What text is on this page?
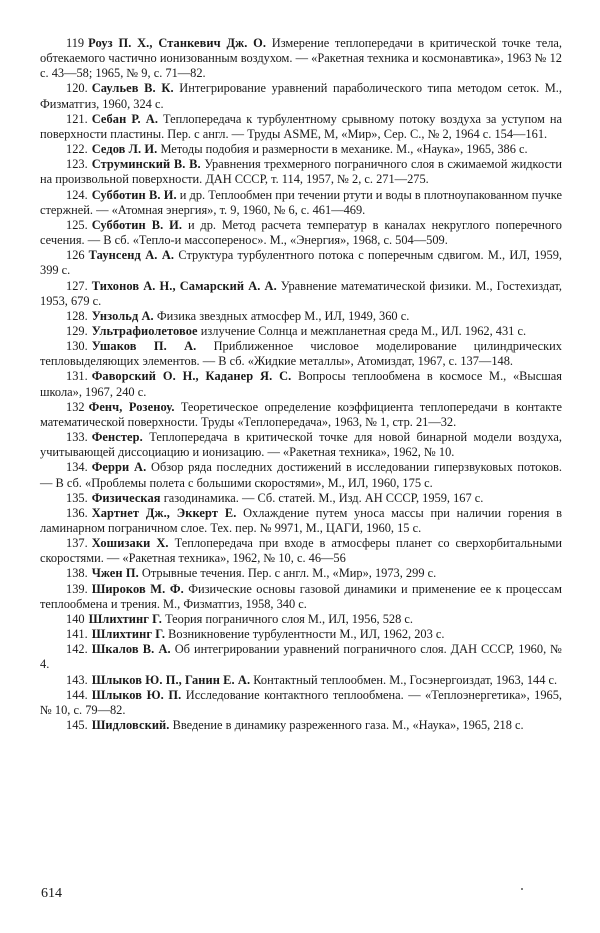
119 Роуз П. Х., Станкевич Дж. О. Измерение теплопередачи в критической точке тела, обтекаемого частично ионизованным воздухом. — «Ракетная техника и космонавтика», 1963 № 12 с. 43—58; 1965, № 9, с. 71—82.

120. Саульев В. К. Интегрирование уравнений параболического типа методом сеток. М., Физматгиз, 1960, 324 с.

121. Себан Р. А. Теплопередача к турбулентному срывному потоку воздуха за уступом на поверхности пластины. Пер. с англ. — Труды ASME, М, «Мир», Сер. С., № 2, 1964 с. 154—161.

122. Седов Л. И. Методы подобия и размерности в механике. М., «Наука», 1965, 386 с.

123. Струминский В. В. Уравнения трехмерного пограничного слоя в сжимаемой жидкости на произвольной поверхности. ДАН СССР, т. 114, 1957, № 2, с. 271—275.

124. Субботин В. И. и др. Теплообмен при течении ртути и воды в плотноупакованном пучке стержней. — «Атомная энергия», т. 9, 1960, № 6, с. 461—469.

125. Субботин В. И. и др. Метод расчета температур в каналах некруглого поперечного сечения. — В сб. «Тепло-и массоперенос». М., «Энергия», 1968, с. 504—509.

126 Таунсенд А. А. Структура турбулентного потока с поперечным сдвигом. М., ИЛ, 1959, 399 с.

127. Тихонов А. Н., Самарский А. А. Уравнение математической физики. М., Гостехиздат, 1953, 679 с.

128. Унзольд А. Физика звездных атмосфер М., ИЛ, 1949, 360 с.

129. Ультрафиолетовое излучение Солнца и межпланетная среда М., ИЛ. 1962, 431 с.

130. Ушаков П. А. Приближенное числовое моделирование цилиндрических тепловыделяющих элементов. — В сб. «Жидкие металлы», Атомиздат, 1967, с. 137—148.

131. Фаворский О. Н., Каданер Я. С. Вопросы теплообмена в космосе М., «Высшая школа», 1967, 240 с.

132 Фенч, Розеноу. Теоретическое определение коэффициента теплопередачи в контакте математической поверхности. Труды «Теплопередача», 1963, № 1, стр. 21—32.

133. Фенстер. Теплопередача в критической точке для новой бинарной модели воздуха, учитывающей диссоциацию и ионизацию. — «Ракетная техника», 1962, № 10.

134. Ферри А. Обзор ряда последних достижений в исследовании гиперзвуковых потоков. — В сб. «Проблемы полета с большими скоростями», М., ИЛ, 1960, 175 с.

135. Физическая газодинамика. — Сб. статей. М., Изд. АН СССР, 1959, 167 с.

136. Хартнет Дж., Эккерт Е. Охлаждение путем уноса массы при наличии горения в ламинарном пограничном слое. Тех. пер. № 9971, М., ЦАГИ, 1960, 15 с.

137. Хошизаки Х. Теплопередача при входе в атмосферы планет со сверхорбитальными скоростями. — «Ракетная техника», 1962, № 10, с. 46—56

138. Чжен П. Отрывные течения. Пер. с англ. М., «Мир», 1973, 299 с.

139. Широков М. Ф. Физические основы газовой динамики и применение ее к процессам теплообмена и трения. М., Физматгиз, 1958, 340 с.

140 Шлихтинг Г. Теория пограничного слоя М., ИЛ, 1956, 528 с.

141. Шлихтинг Г. Возникновение турбулентности М., ИЛ, 1962, 203 с.

142. Шкалов В. А. Об интегрировании уравнений пограничного слоя. ДАН СССР, 1960, № 4.

143. Шлыков Ю. П., Ганин Е. А. Контактный теплообмен. М., Госэнергоиздат, 1963, 144 с.

144. Шлыков Ю. П. Исследование контактного теплообмена. — «Теплоэнергетика», 1965, № 10, с. 79—82.

145. Шидловский. Введение в динамику разреженного газа. М., «Наука», 1965, 218 с.

614
